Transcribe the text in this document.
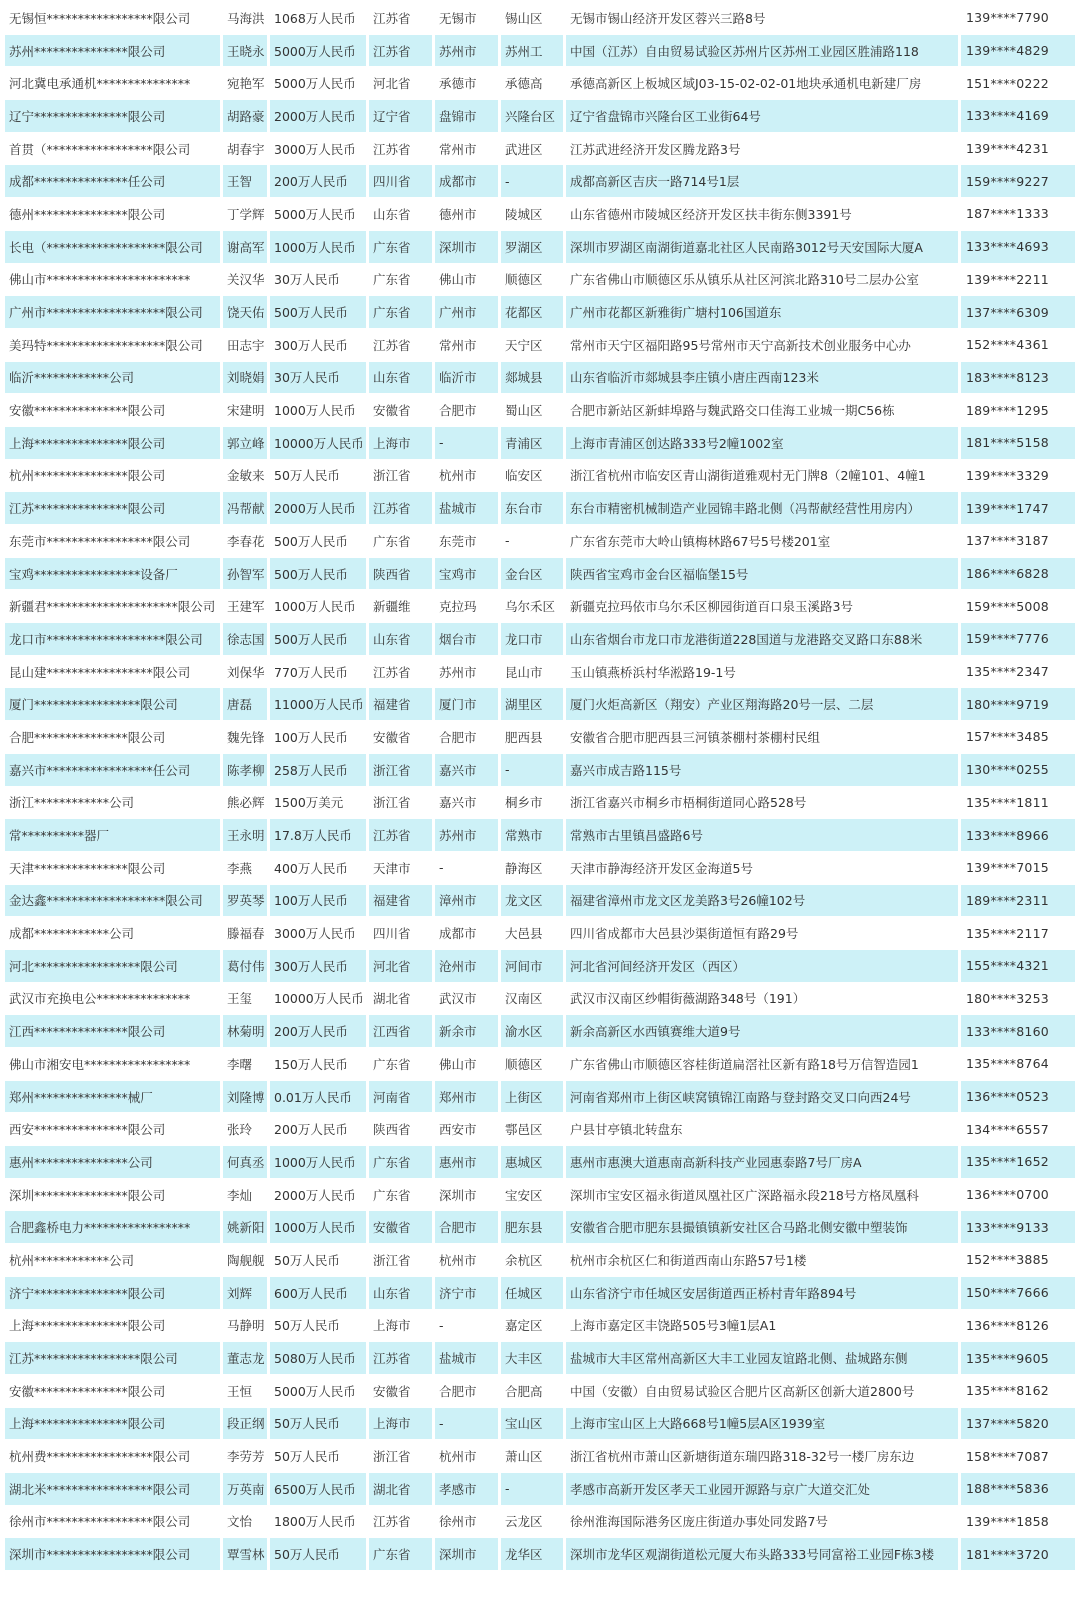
无锡恒*****************限公司	马海洪	1068万人民币	江苏省	无锡市	锡山区	无锡市锡山经济开发区蓉兴三路8号	139****7790
苏州***************限公司	王晓永	5000万人民币	江苏省	苏州市	苏州工	中国（江苏）自由贸易试验区苏州片区苏州工业园区胜浦路118	139****4829
河北冀电承通机***************	宛艳军	5000万人民币	河北省	承德市	承德高	承德高新区上板城区域J03-15-02-02-01地块承通机电新建厂房	151****0222
辽宁***************限公司	胡路豪	2000万人民币	辽宁省	盘锦市	兴隆台区	辽宁省盘锦市兴隆台区工业街64号	133****4169
首贯（*****************限公司	胡春宇	3000万人民币	江苏省	常州市	武进区	江苏武进经济开发区腾龙路3号	139****4231
成都***************任公司	王智	200万人民币	四川省	成都市	-	成都高新区吉庆一路714号1层	159****9227
德州***************限公司	丁学辉	5000万人民币	山东省	德州市	陵城区	山东省德州市陵城区经济开发区扶丰街东侧3391号	187****1333
长电（*******************限公司	谢高军	1000万人民币	广东省	深圳市	罗湖区	深圳市罗湖区南湖街道嘉北社区人民南路3012号天安国际大厦A	133****4693
佛山市***********************	关汉华	30万人民币	广东省	佛山市	顺德区	广东省佛山市顺德区乐从镇乐从社区河滨北路310号二层办公室	139****2211
广州市*******************限公司	饶天佑	500万人民币	广东省	广州市	花都区	广州市花都区新雅街广塘村106国道东	137****6309
美玛特*******************限公司	田志宇	300万人民币	江苏省	常州市	天宁区	常州市天宁区福阳路95号常州市天宁高新技术创业服务中心办	152****4361
临沂************公司	刘晓娟	30万人民币	山东省	临沂市	郯城县	山东省临沂市郯城县李庄镇小唐庄西南123米	183****8123
安徽***************限公司	宋建明	1000万人民币	安徽省	合肥市	蜀山区	合肥市新站区新蚌埠路与魏武路交口佳海工业城一期C56栋	189****1295
上海***************限公司	郭立峰	10000万人民币	上海市	-	青浦区	上海市青浦区创达路333号2幢1002室	181****5158
杭州***************限公司	金敏来	50万人民币	浙江省	杭州市	临安区	浙江省杭州市临安区青山湖街道雅观村无门牌8（2幢101、4幢1	139****3329
江苏***************限公司	冯帮献	2000万人民币	江苏省	盐城市	东台市	东台市精密机械制造产业园锦丰路北侧（冯帮献经营性用房内）	139****1747
东莞市*****************限公司	李春花	500万人民币	广东省	东莞市	-	广东省东莞市大岭山镇梅林路67号5号楼201室	137****3187
宝鸡*****************设备厂	孙智军	500万人民币	陕西省	宝鸡市	金台区	陕西省宝鸡市金台区福临堡15号	186****6828
新疆君*********************限公司	王建军	1000万人民币	新疆维	克拉玛	乌尔禾区	新疆克拉玛依市乌尔禾区柳园街道百口泉玉溪路3号	159****5008
龙口市*******************限公司	徐志国	500万人民币	山东省	烟台市	龙口市	山东省烟台市龙口市龙港街道228国道与龙港路交叉路口东88米	159****7776
昆山建*****************限公司	刘保华	770万人民币	江苏省	苏州市	昆山市	玉山镇燕桥浜村华淞路19-1号	135****2347
厦门*****************限公司	唐磊	11000万人民币	福建省	厦门市	湖里区	厦门火炬高新区（翔安）产业区翔海路20号一层、二层	180****9719
合肥***************限公司	魏先锋	100万人民币	安徽省	合肥市	肥西县	安徽省合肥市肥西县三河镇茶棚村茶棚村民组	157****3485
嘉兴市*****************任公司	陈孝柳	258万人民币	浙江省	嘉兴市	-	嘉兴市成吉路115号	130****0255
浙江************公司	熊必辉	1500万美元	浙江省	嘉兴市	桐乡市	浙江省嘉兴市桐乡市梧桐街道同心路528号	135****1811
常**********器厂	王永明	17.8万人民币	江苏省	苏州市	常熟市	常熟市古里镇昌盛路6号	133****8966
天津***************限公司	李燕	400万人民币	天津市	-	静海区	天津市静海经济开发区金海道5号	139****7015
金达鑫*******************限公司	罗英琴	100万人民币	福建省	漳州市	龙文区	福建省漳州市龙文区龙美路3号26幢102号	189****2311
成都************公司	滕福春	3000万人民币	四川省	成都市	大邑县	四川省成都市大邑县沙渠街道恒有路29号	135****2117
河北*****************限公司	葛付伟	300万人民币	河北省	沧州市	河间市	河北省河间经济开发区（西区）	155****4321
武汉市充换电公***************	王玺	10000万人民币	湖北省	武汉市	汉南区	武汉市汉南区纱帽街薇湖路348号（191）	180****3253
江西***************限公司	林菊明	200万人民币	江西省	新余市	渝水区	新余高新区水西镇赛维大道9号	133****8160
佛山市湘安电*****************	李曙	150万人民币	广东省	佛山市	顺德区	广东省佛山市顺德区容桂街道扁滘社区新有路18号万信智造园1	135****8764
郑州***************械厂	刘隆博	0.01万人民币	河南省	郑州市	上街区	河南省郑州市上街区峡窝镇锦江南路与登封路交叉口向西24号	136****0523
西安***************限公司	张玲	200万人民币	陕西省	西安市	鄠邑区	户县甘亭镇北转盘东	134****6557
惠州***************公司	何真丞	1000万人民币	广东省	惠州市	惠城区	惠州市惠澳大道惠南高新科技产业园惠泰路7号厂房A	135****1652
深圳***************限公司	李灿	2000万人民币	广东省	深圳市	宝安区	深圳市宝安区福永街道凤凰社区广深路福永段218号方格凤凰科	136****0700
合肥鑫桥电力*****************	姚新阳	1000万人民币	安徽省	合肥市	肥东县	安徽省合肥市肥东县撮镇镇新安社区合马路北侧安徽中塑装饰	133****9133
杭州************公司	陶舰舰	50万人民币	浙江省	杭州市	余杭区	杭州市余杭区仁和街道西南山东路57号1楼	152****3885
济宁***************限公司	刘辉	600万人民币	山东省	济宁市	任城区	山东省济宁市任城区安居街道西正桥村青年路894号	150****7666
上海***************限公司	马静明	50万人民币	上海市	-	嘉定区	上海市嘉定区丰饶路505号3幢1层A1	136****8126
江苏*****************限公司	董志龙	5080万人民币	江苏省	盐城市	大丰区	盐城市大丰区常州高新区大丰工业园友谊路北侧、盐城路东侧	135****9605
安徽***************限公司	王恒	5000万人民币	安徽省	合肥市	合肥高	中国（安徽）自由贸易试验区合肥片区高新区创新大道2800号	135****8162
上海***************限公司	段正纲	50万人民币	上海市	-	宝山区	上海市宝山区上大路668号1幢5层A区1939室	137****5820
杭州费*****************限公司	李劳芳	50万人民币	浙江省	杭州市	萧山区	浙江省杭州市萧山区新塘街道东瑞四路318-32号一楼厂房东边	158****7087
湖北米*****************限公司	万英南	6500万人民币	湖北省	孝感市	-	孝感市高新开发区孝天工业园开源路与京广大道交汇处	188****5836
徐州市*****************限公司	文怡	1800万人民币	江苏省	徐州市	云龙区	徐州淮海国际港务区庞庄街道办事处同发路7号	139****1858
深圳市*****************限公司	覃雪林	50万人民币	广东省	深圳市	龙华区	深圳市龙华区观湖街道松元厦大布头路333号同富裕工业园F栋3楼	181****3720
